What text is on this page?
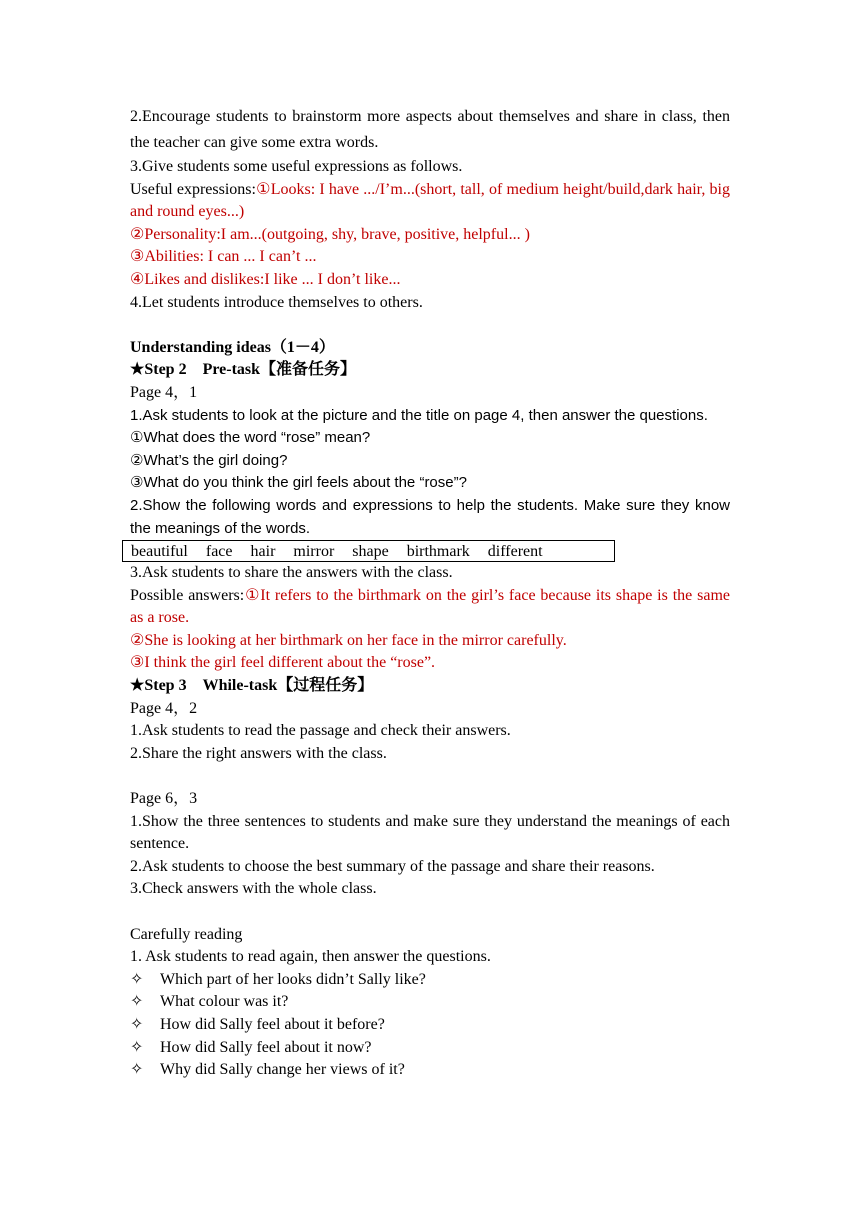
2.Encourage students to brainstorm more aspects about themselves and share in class, then the teacher can give some extra words.
3.Give students some useful expressions as follows.
Useful expressions:①Looks: I have .../I’m...(short, tall, of medium height/build,dark hair, big and round eyes...)
②Personality:I am...(outgoing, shy, brave, positive, helpful... )
③Abilities: I can ... I can’t ...
④Likes and dislikes:I like ... I don’t like...
4.Let students introduce themselves to others.
Understanding ideas（1－4）
★Step 2　Pre-task【准备任务】
Page 4，1
1.Ask students to look at the picture and the title on page 4, then answer the questions.
①What does the word “rose” mean?
②What’s the girl doing?
③What do you think the girl feels about the “rose”?
2.Show the following words and expressions to help the students. Make sure they know the meanings of the words.
beautiful face hair mirror shape birthmark different
3.Ask students to share the answers with the class.
Possible answers:①It refers to the birthmark on the girl’s face because its shape is the same as a rose.
②She is looking at her birthmark on her face in the mirror carefully.
③I think the girl feel different about the “rose”.
★Step 3　While-task【过程任务】
Page 4，2
1.Ask students to read the passage and check their answers.
2.Share the right answers with the class.
Page 6，3
1.Show the three sentences to students and make sure they understand the meanings of each sentence.
2.Ask students to choose the best summary of the passage and share their reasons.
3.Check answers with the whole class.
Carefully reading
1. Ask students to read again, then answer the questions.
✧	Which part of her looks didn’t Sally like?
✧	What colour was it?
✧	How did Sally feel about it before?
✧	How did Sally feel about it now?
✧	Why did Sally change her views of it?
